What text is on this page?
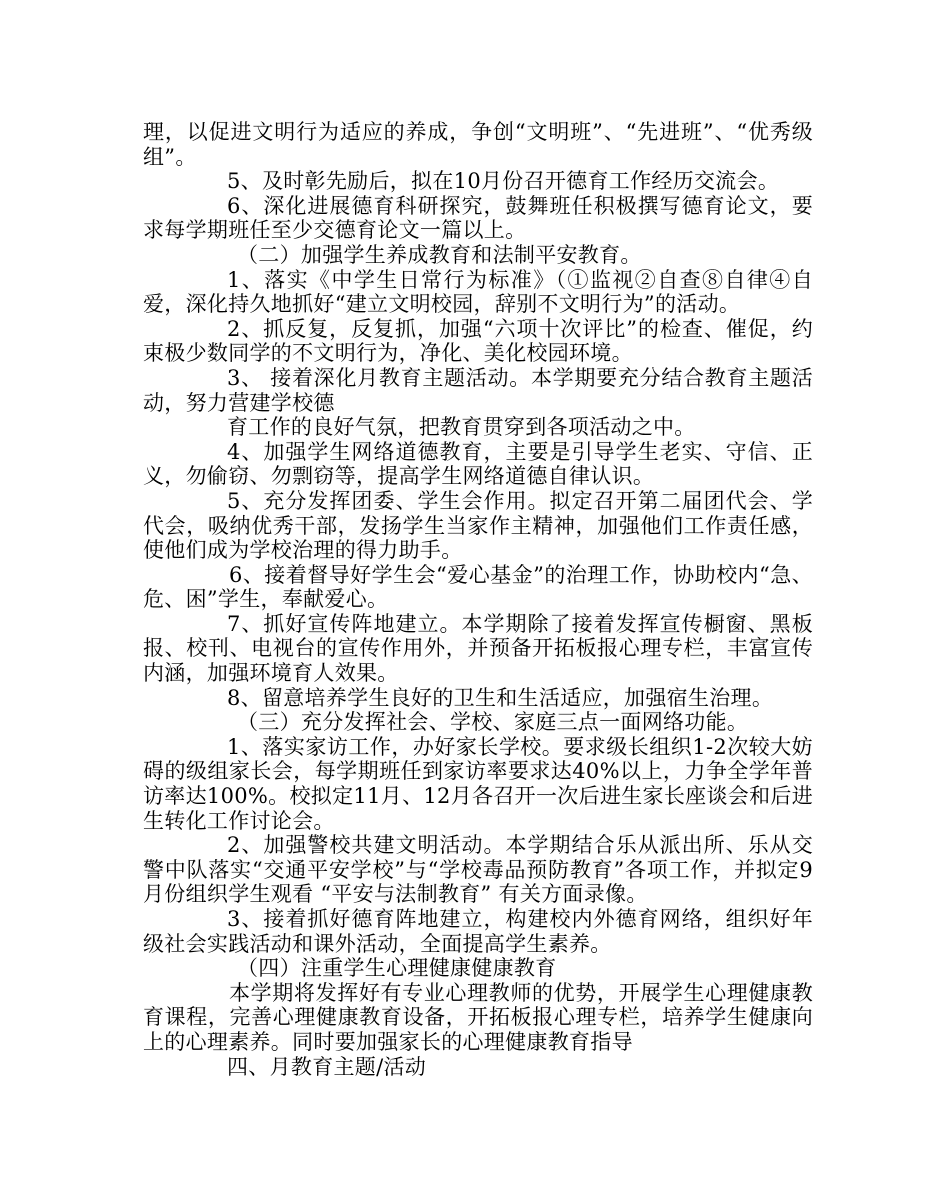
理，以促进文明行为适应的养成，争创“文明班”、“先进班”、“优秀级组”。

5、及时彰先励后，拟在10月份召开德育工作经历交流会。

6、深化进展德育科研探究，鼓舞班任积极撰写德育论文，要求每学期班任至少交德育论文一篇以上。

（二）加强学生养成教育和法制平安教育。

1、落实《中学生日常行为标准》（①监视②自查⑧自律④自爱，深化持久地抓好“建立文明校园，辞别不文明行为”的活动。

2、抓反复，反复抓，加强“六项十次评比”的检查、催促，约束极少数同学的不文明行为，净化、美化校园环境。

3、 接着深化月教育主题活动。本学期要充分结合教育主题活动，努力营建学校德

育工作的良好气氛，把教育贯穿到各项活动之中。

4、加强学生网络道德教育，主要是引导学生老实、守信、正义，勿偷窃、勿剽窃等，提高学生网络道德自律认识。

5、充分发挥团委、学生会作用。拟定召开第二届团代会、学代会，吸纳优秀干部，发扬学生当家作主精神，加强他们工作责任感，使他们成为学校治理的得力助手。

6、接着督导好学生会“爱心基金”的治理工作，协助校内“急、危、困”学生，奉献爱心。

7、抓好宣传阵地建立。本学期除了接着发挥宣传橱窗、黑板报、校刊、电视台的宣传作用外，并预备开拓板报心理专栏，丰富宣传内涵，加强环境育人效果。

8、留意培养学生良好的卫生和生活适应，加强宿生治理。

（三）充分发挥社会、学校、家庭三点一面网络功能。

1、落实家访工作，办好家长学校。要求级长组织1-2次较大妨碍的级组家长会，每学期班任到家访率要求达40%以上，力争全学年普访率达100%。校拟定11月、12月各召开一次后进生家长座谈会和后进生转化工作讨论会。

2、加强警校共建文明活动。本学期结合乐从派出所、乐从交警中队落实“交通平安学校”与“学校毒品预防教育”各项工作，并拟定9月份组织学生观看 “平安与法制教育” 有关方面录像。

3、接着抓好德育阵地建立，构建校内外德育网络，组织好年级社会实践活动和课外活动，全面提高学生素养。

（四）注重学生心理健康健康教育

本学期将发挥好有专业心理教师的优势，开展学生心理健康教育课程，完善心理健康教育设备，开拓板报心理专栏，培养学生健康向上的心理素养。同时要加强家长的心理健康教育指导

四、月教育主题/活动
